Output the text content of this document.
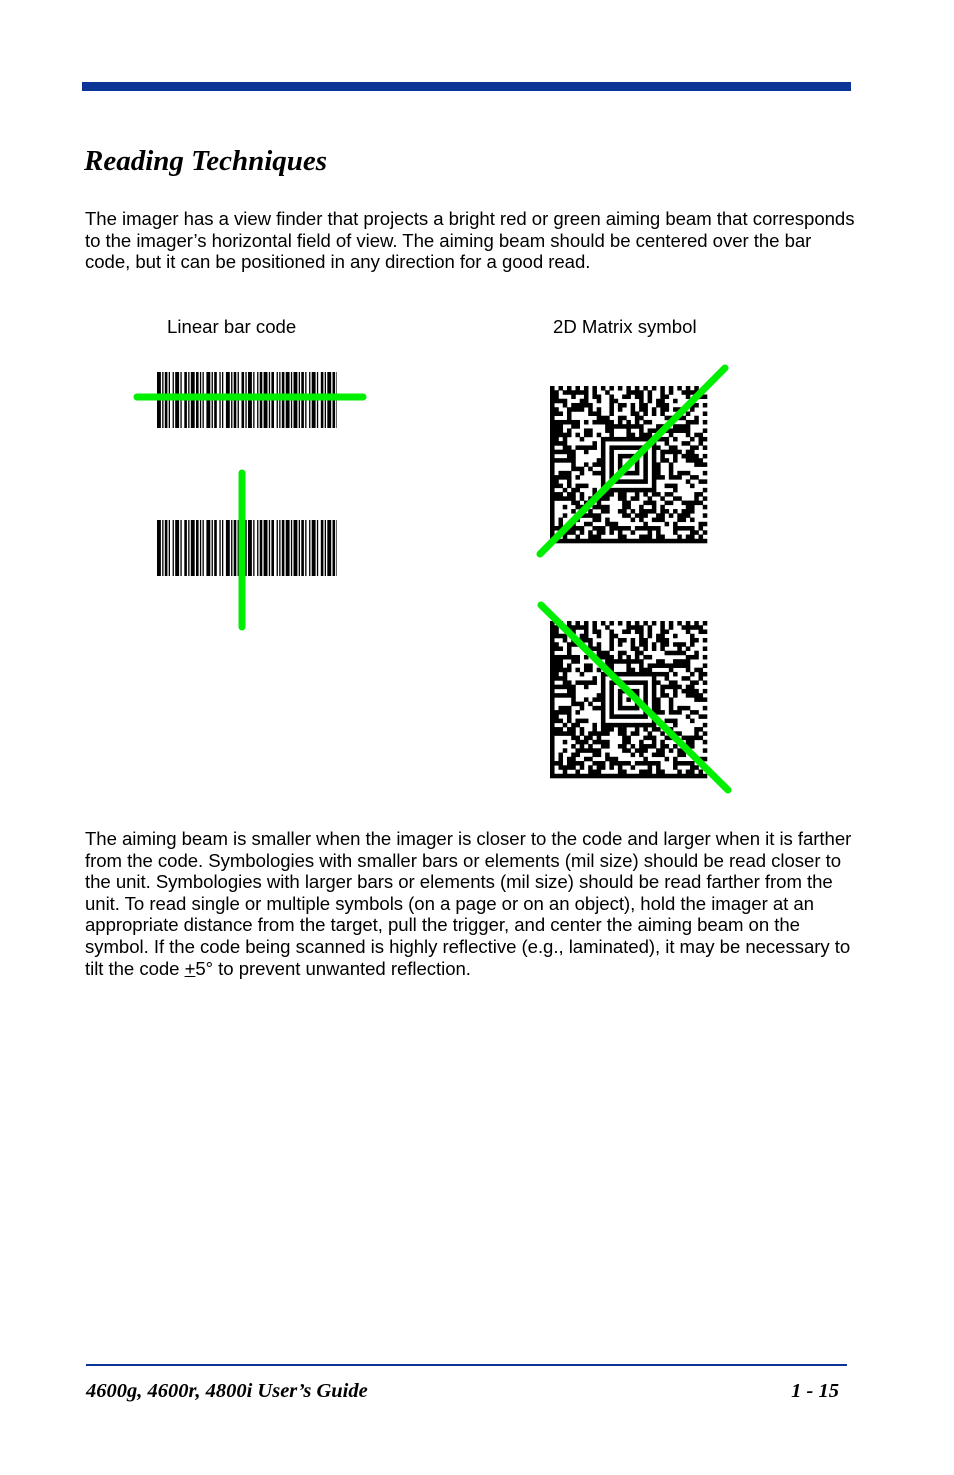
Reading Techniques

The imager has a view finder that projects a bright red or green aiming beam that corresponds to the imager’s horizontal field of view. The aiming beam should be centered over the bar code, but it can be positioned in any direction for a good read.

Linear bar code	2D Matrix symbol

The aiming beam is smaller when the imager is closer to the code and larger when it is farther from the code. Symbologies with smaller bars or elements (mil size) should be read closer to the unit. Symbologies with larger bars or elements (mil size) should be read farther from the unit. To read single or multiple symbols (on a page or on an object), hold the imager at an appropriate distance from the target, pull the trigger, and center the aiming beam on the symbol. If the code being scanned is highly reflective (e.g., laminated), it may be necessary to tilt the code +5° to prevent unwanted reflection.

4600g, 4600r, 4800i User’s Guide	1 - 15
